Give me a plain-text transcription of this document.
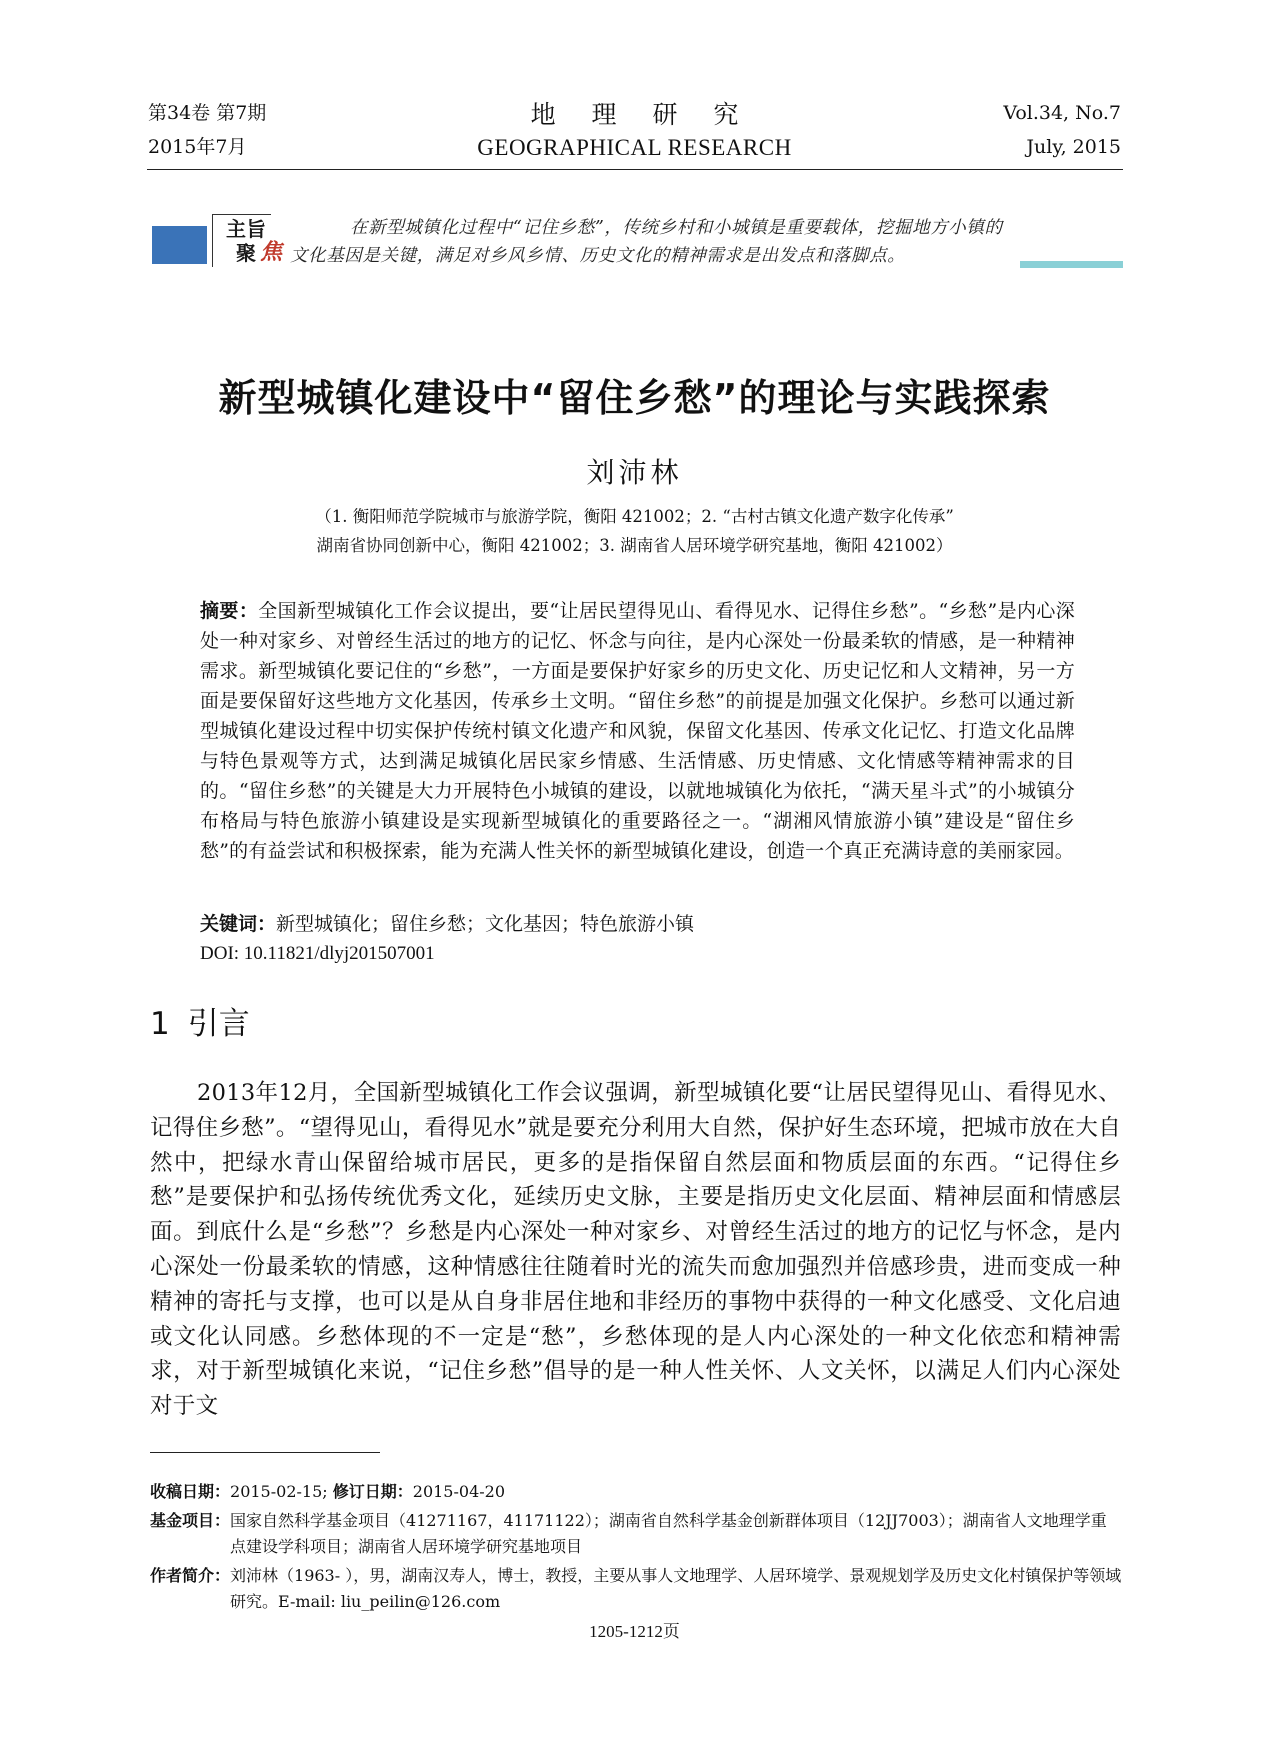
第34卷 第7期
2015年7月
地 理 研 究
GEOGRAPHICAL RESEARCH
Vol.34, No.7
July, 2015
主旨
聚 焦
在新型城镇化过程中“记住乡愁”，传统乡村和小城镇是重要载体，挖掘地方小镇的
文化基因是关键，满足对乡风乡情、历史文化的精神需求是出发点和落脚点。
新型城镇化建设中“留住乡愁”的理论与实践探索
刘沛林
（1. 衡阳师范学院城市与旅游学院，衡阳 421002；2. “古村古镇文化遗产数字化传承”
湖南省协同创新中心，衡阳 421002；3. 湖南省人居环境学研究基地，衡阳 421002）
摘要：全国新型城镇化工作会议提出，要“让居民望得见山、看得见水、记得住乡愁”。“乡愁”是内心深处一种对家乡、对曾经生活过的地方的记忆、怀念与向往，是内心深处一份最柔软的情感，是一种精神需求。新型城镇化要记住的“乡愁”，一方面是要保护好家乡的历史文化、历史记忆和人文精神，另一方面是要保留好这些地方文化基因，传承乡土文明。“留住乡愁”的前提是加强文化保护。乡愁可以通过新型城镇化建设过程中切实保护传统村镇文化遗产和风貌，保留文化基因、传承文化记忆、打造文化品牌与特色景观等方式，达到满足城镇化居民家乡情感、生活情感、历史情感、文化情感等精神需求的目的。“留住乡愁”的关键是大力开展特色小城镇的建设，以就地城镇化为依托，“满天星斗式”的小城镇分布格局与特色旅游小镇建设是实现新型城镇化的重要路径之一。“湖湘风情旅游小镇”建设是“留住乡愁”的有益尝试和积极探索，能为充满人性关怀的新型城镇化建设，创造一个真正充满诗意的美丽家园。
关键词：新型城镇化；留住乡愁；文化基因；特色旅游小镇
DOI: 10.11821/dlyj201507001
1 引言

2013年12月，全国新型城镇化工作会议强调，新型城镇化要“让居民望得见山、看得见水、记得住乡愁”。“望得见山，看得见水”就是要充分利用大自然，保护好生态环境，把城市放在大自然中，把绿水青山保留给城市居民，更多的是指保留自然层面和物质层面的东西。“记得住乡愁”是要保护和弘扬传统优秀文化，延续历史文脉，主要是指历史文化层面、精神层面和情感层面。到底什么是“乡愁”？乡愁是内心深处一种对家乡、对曾经生活过的地方的记忆与怀念，是内心深处一份最柔软的情感，这种情感往往随着时光的流失而愈加强烈并倍感珍贵，进而变成一种精神的寄托与支撑，也可以是从自身非居住地和非经历的事物中获得的一种文化感受、文化启迪或文化认同感。乡愁体现的不一定是“愁”，乡愁体现的是人内心深处的一种文化依恋和精神需求，对于新型城镇化来说，“记住乡愁”倡导的是一种人性关怀、人文关怀，以满足人们内心深处对于文

收稿日期：2015-02-15; 修订日期：2015-04-20
基金项目： 国家自然科学基金项目（41271167，41171122）；湖南省自然科学基金创新群体项目（12JJ7003）；湖南省人文地理学重点建设学科项目；湖南省人居环境学研究基地项目
作者简介： 刘沛林（1963- ），男，湖南汉寿人，博士，教授，主要从事人文地理学、人居环境学、景观规划学及历史文化村镇保护等领域研究。E-mail: liu_peilin@126.com
1205-1212页
